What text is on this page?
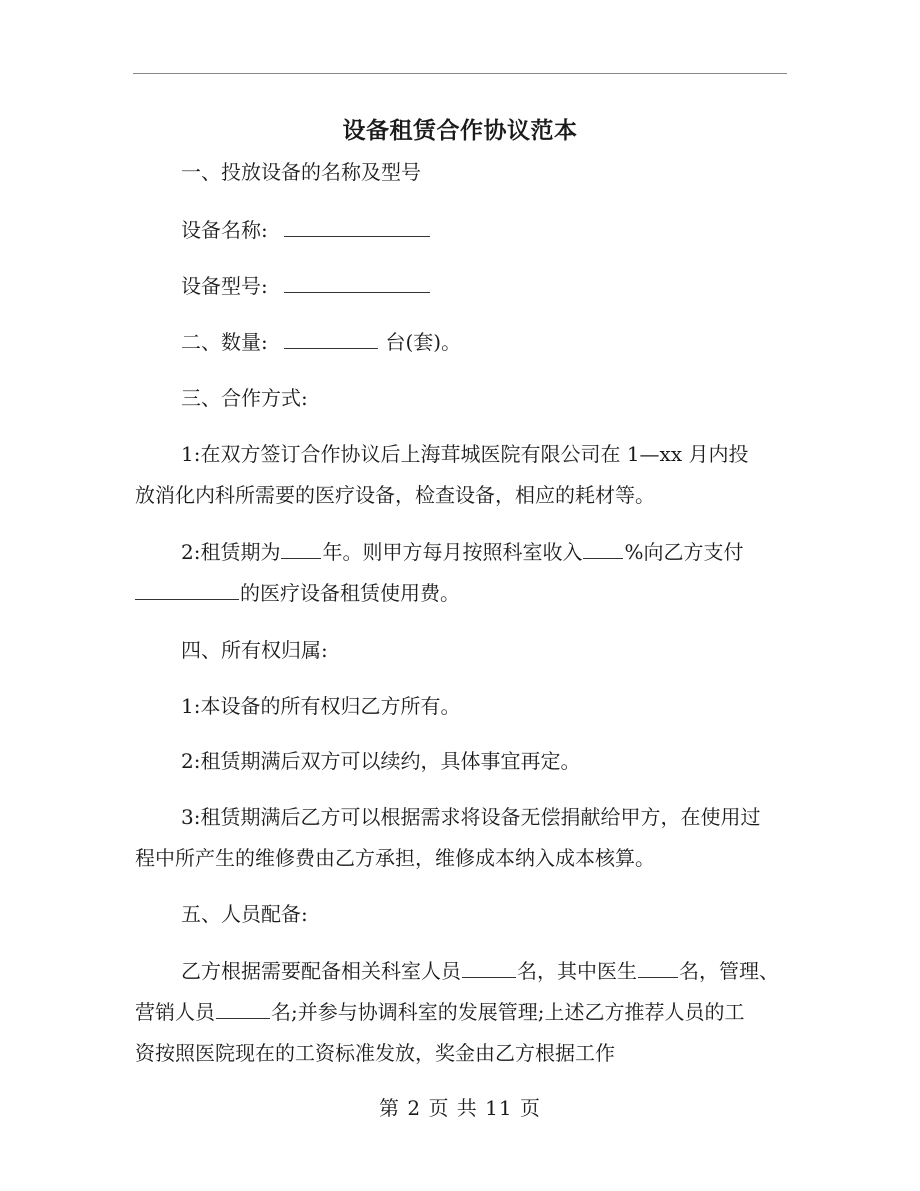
设备租赁合作协议范本
一、投放设备的名称及型号
设备名称:
设备型号:
二、数量:	台(套)。
三、合作方式:
1:在双方签订合作协议后上海茸城医院有限公司在 1—xx 月内投
放消化内科所需要的医疗设备，检查设备，相应的耗材等。
2:租赁期为 年。则甲方每月按照科室收入 %向乙方支付
的医疗设备租赁使用费。
四、所有权归属:
1:本设备的所有权归乙方所有。
2:租赁期满后双方可以续约，具体事宜再定。
3:租赁期满后乙方可以根据需求将设备无偿捐献给甲方，在使用过
程中所产生的维修费由乙方承担，维修成本纳入成本核算。
五、人员配备:
乙方根据需要配备相关科室人员	名，其中医生 名，管理、
营销人员	名;并参与协调科室的发展管理;上述乙方推荐人员的工
资按照医院现在的工资标准发放，奖金由乙方根据工作
第 2 页 共 11 页
